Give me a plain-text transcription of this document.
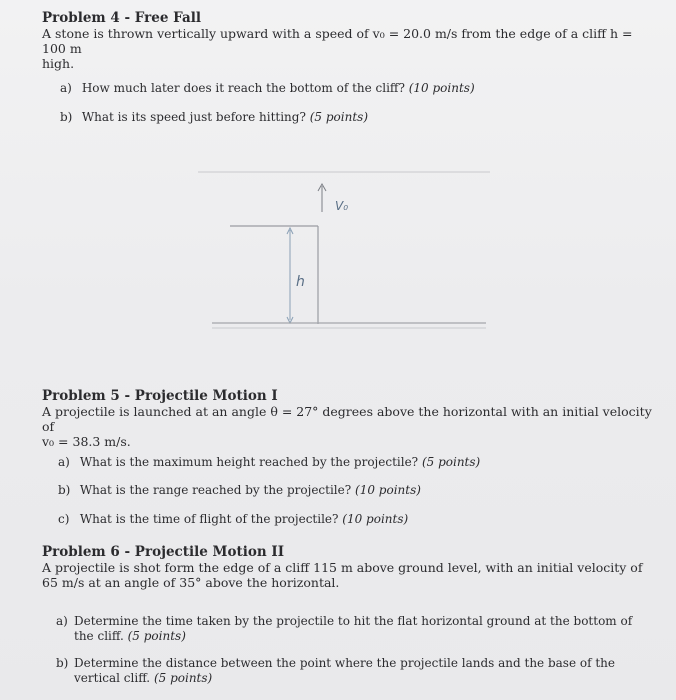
Problem 4 - Free Fall
A stone is thrown vertically upward with a speed of v₀ = 20.0 m/s from the edge of a cliff h = 100 m
high.
a) How much later does it reach the bottom of the cliff? (10 points)
b) What is its speed just before hitting? (5 points)
h
V₀
Problem 5 - Projectile Motion I
A projectile is launched at an angle θ = 27° degrees above the horizontal with an initial velocity of
v₀ = 38.3 m/s.
a) What is the maximum height reached by the projectile? (5 points)
b) What is the range reached by the projectile? (10 points)
c) What is the time of flight of the projectile? (10 points)
Problem 6 - Projectile Motion II
A projectile is shot form the edge of a cliff 115 m above ground level, with an initial velocity of
65 m/s at an angle of 35° above the horizontal.
a) Determine the time taken by the projectile to hit the flat horizontal ground at the bottom of
the cliff. (5 points)
b) Determine the distance between the point where the projectile lands and the base of the
vertical cliff. (5 points)
